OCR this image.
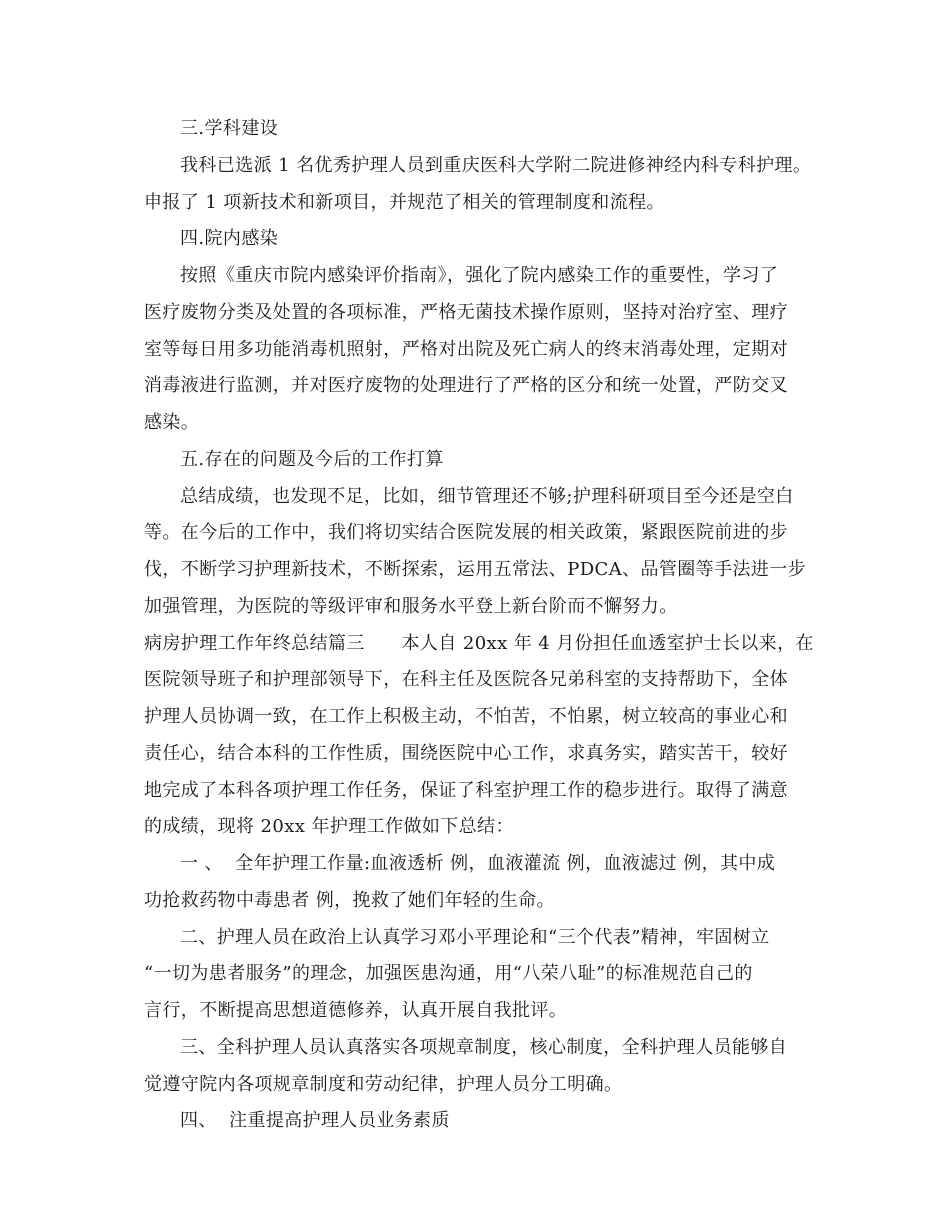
三.学科建设
我科已选派 1 名优秀护理人员到重庆医科大学附二院进修神经内科专科护理。
申报了 1 项新技术和新项目，并规范了相关的管理制度和流程。
四.院内感染
按照《重庆市院内感染评价指南》，强化了院内感染工作的重要性，学习了
医疗废物分类及处置的各项标准，严格无菌技术操作原则，坚持对治疗室、理疗
室等每日用多功能消毒机照射，严格对出院及死亡病人的终末消毒处理，定期对
消毒液进行监测，并对医疗废物的处理进行了严格的区分和统一处置，严防交叉
感染。
五.存在的问题及今后的工作打算
总结成绩，也发现不足，比如，细节管理还不够;护理科研项目至今还是空白
等。在今后的工作中，我们将切实结合医院发展的相关政策，紧跟医院前进的步
伐，不断学习护理新技术，不断探索，运用五常法、PDCA、品管圈等手法进一步
加强管理，为医院的等级评审和服务水平登上新台阶而不懈努力。
病房护理工作年终总结篇三      本人自 20xx 年 4 月份担任血透室护士长以来，在
医院领导班子和护理部领导下，在科主任及医院各兄弟科室的支持帮助下，全体
护理人员协调一致，在工作上积极主动，不怕苦，不怕累，树立较高的事业心和
责任心，结合本科的工作性质，围绕医院中心工作，求真务实，踏实苦干，较好
地完成了本科各项护理工作任务，保证了科室护理工作的稳步进行。取得了满意
的成绩，现将 20xx 年护理工作做如下总结：
一 、  全年护理工作量:血液透析 例，血液灌流 例，血液滤过 例，其中成
功抢救药物中毒患者 例，挽救了她们年轻的生命。
二、护理人员在政治上认真学习邓小平理论和“三个代表”精神，牢固树立
“一切为患者服务”的理念，加强医患沟通，用“八荣八耻”的标准规范自己的
言行，不断提高思想道德修养，认真开展自我批评。
三、全科护理人员认真落实各项规章制度，核心制度，全科护理人员能够自
觉遵守院内各项规章制度和劳动纪律，护理人员分工明确。
四、  注重提高护理人员业务素质
